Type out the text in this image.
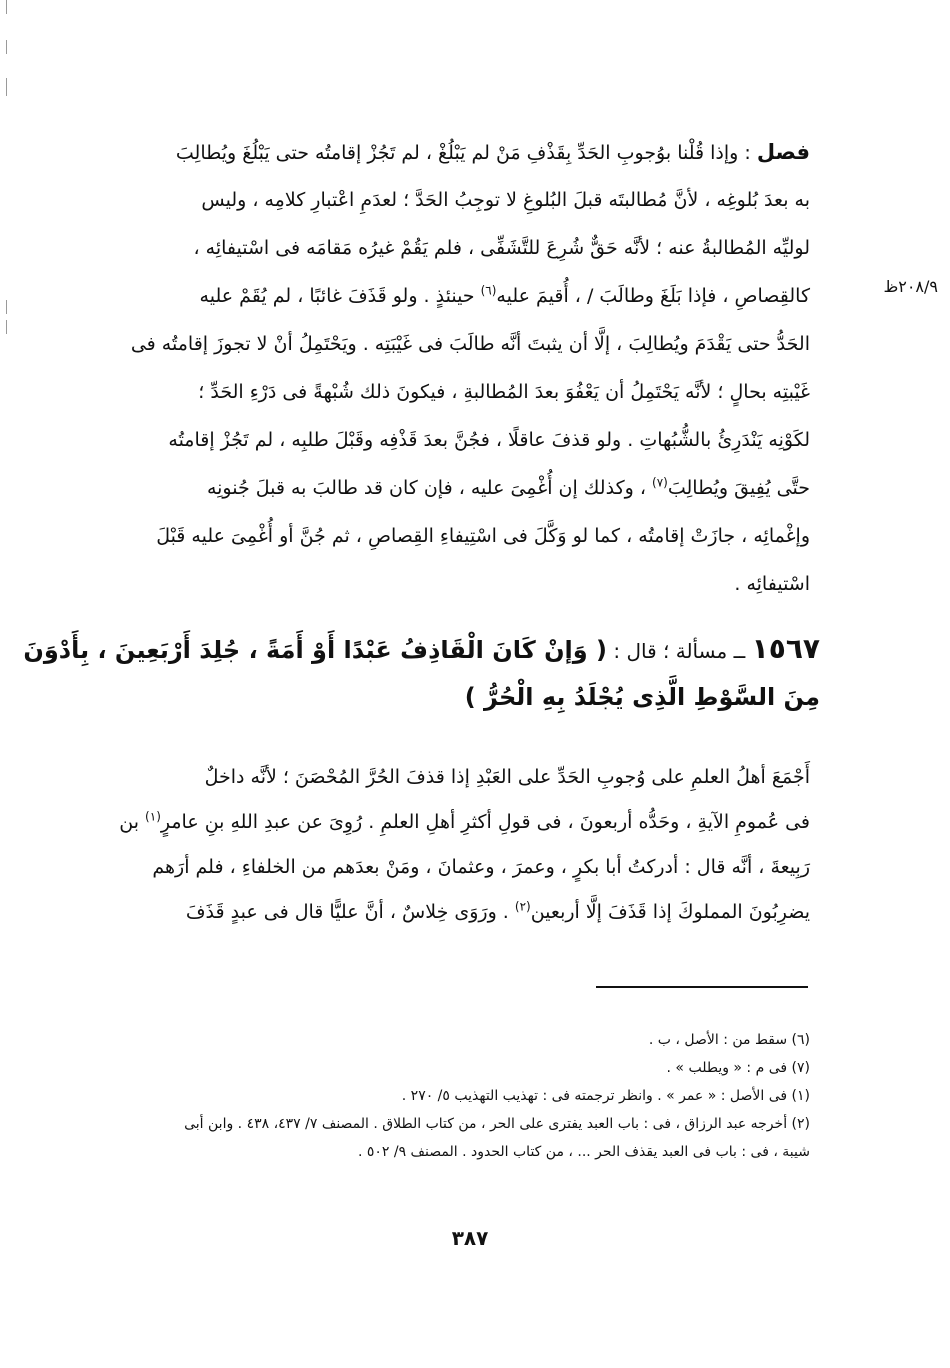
فصل : وإذا قُلْنا بوُجوبِ الحَدِّ بِقَذْفِ مَنْ لم يَبْلُغْ ، لم تَجُزْ إقامتُه حتى يَبْلُغَ ويُطالِبَ
به بعدَ بُلوغِه ، لأنَّ مُطالبتَه قبلَ البُلوغِ لا توجِبُ الحَدَّ ؛ لعدَمِ اعْتبارِ كلامِه ، وليس
لوليِّه المُطالبةُ عنه ؛ لأنَّه حَقٌّ شُرِعَ للتَّشَفِّى ، فلم يَقُمْ غيرُه مَقامَه فى اسْتيفائِه ،
كالقِصاصِ ، فإذا بَلَغَ وطالَبَ / ، أُقيمَ عليه$^{(٦)}$ حينئذٍ . ولو قَذَفَ غائبًا ، لم يُقَمْ عليه
الحَدُّ حتى يَقْدَمَ ويُطالِبَ ، إلَّا أن يثبتَ أنَّه طالَبَ فى غَيْبَتِه . ويَحْتَمِلُ أنْ لا تجوزَ إقامتُه فى
غَيْبتِه بحالٍ ؛ لأنَّه يَحْتَمِلُ أن يَعْفُوَ بعدَ المُطالبةِ ، فيكونَ ذلك شُبْهةً فى دَرْءِ الحَدِّ ؛
لكَوْنِه يَنْدَرِئُ بالشُّبُهاتِ . ولو قذفَ عاقلًا ، فجُنَّ بعدَ قَذْفِه وقَبْلَ طلبِه ، لم تَجُزْ إقامتُه
حتَّى يُفِيقَ ويُطالِبَ$^{(٧)}$ ، وكذلك إن أُغْمِىَ عليه ، فإن كان قد طالبَ به قبلَ جُنونِه
وإغْمائِه ، جازَتْ إقامتُه ، كما لو وَكَّلَ فى اسْتِيفاءِ القِصاصِ ، ثم جُنَّ أو أُغْمِىَ عليه قَبْلَ
اسْتيفائِه .
٢٠٨/٩ظ
١٥٦٧ ــ مسألة ؛ قال : ( وَإنْ كَانَ الْقَاذِفُ عَبْدًا أَوْ أَمَةً ، جُلِدَ أَرْبَعِينَ ، بِأَدْوَنَ
مِنَ السَّوْطِ الَّذِى يُجْلَدُ بِهِ الْحُرُّ )
أَجْمَعَ أهلُ العلمِ على وُجوبِ الحَدِّ على العَبْدِ إذا قذفَ الحُرَّ المُحْصَنَ ؛ لأنَّه داخلٌ
فى عُمومِ الآيةِ ، وحَدُّه أربعونَ ، فى قولِ أكثرِ أهلِ العلمِ . رُوِىَ عن عبدِ اللهِ بنِ عامرٍ$^{(١)}$ بن
رَبِيعةَ ، أنَّه قال : أدركتُ أبا بكرٍ ، وعمرَ ، وعثمانَ ، ومَنْ بعدَهم من الخلفاءِ ، فلم أرَهم
يضرِبُونَ المملوكَ إذا قَذَفَ إلَّا أربعين$^{(٢)}$ . ورَوَى خِلاسٌ ، أنَّ عليًّا قال فى عبدٍ قَذَفَ
(٦) سقط من : الأصل ، ب .
(٧) فى م : « ويطلب » .
(١) فى الأصل : « عمر » . وانظر ترجمته فى : تهذيب التهذيب ٥/ ٢٧٠ .
(٢) أخرجه عبد الرزاق ، فى : باب العبد يفترى على الحر ، من كتاب الطلاق . المصنف ٧/ ٤٣٧، ٤٣٨ . وابن أبى
شيبة ، فى : باب فى العبد يقذف الحر ... ، من كتاب الحدود . المصنف ٩/ ٥٠٢ .
٣٨٧
